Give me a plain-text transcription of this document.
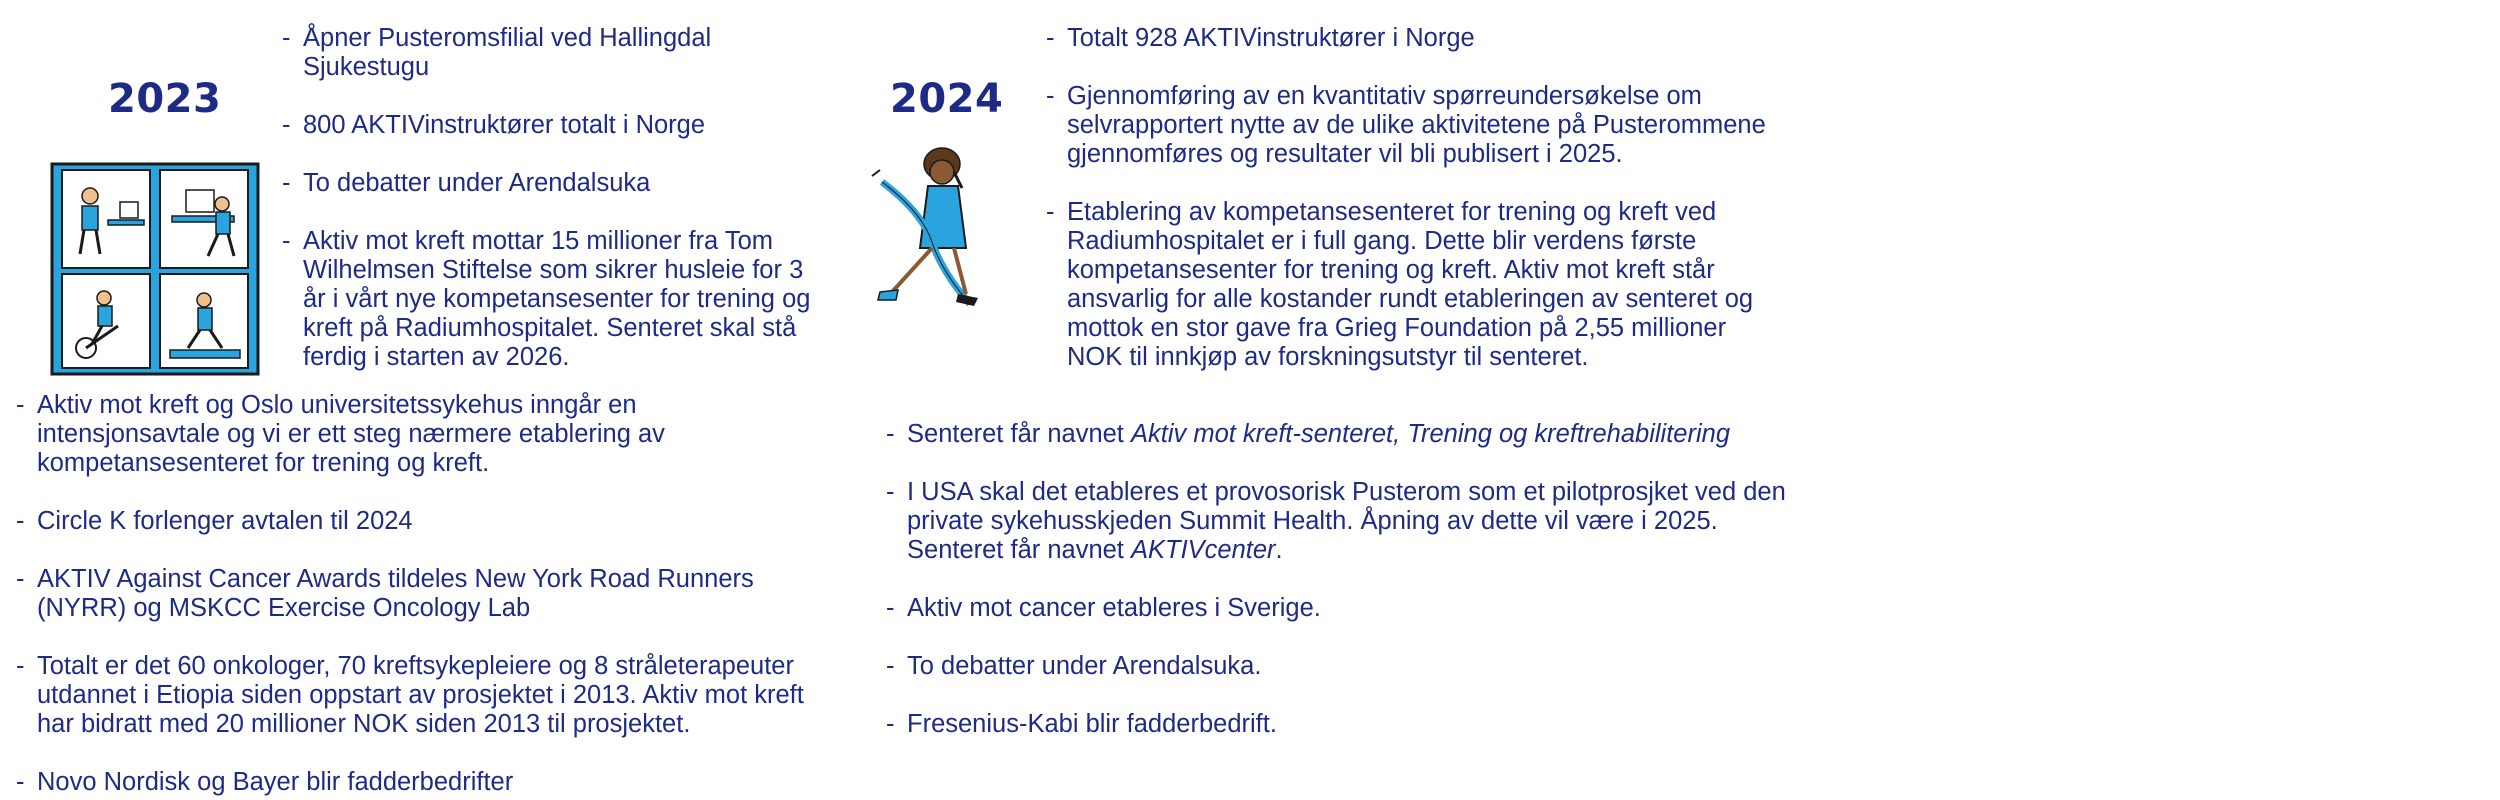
2023
- Åpner Pusteromsfilial ved Hallingdal Sjukestugu
- 800 AKTIVinstruktører totalt i Norge
- To debatter under Arendalsuka
- Aktiv mot kreft mottar 15 millioner fra Tom Wilhelmsen Stiftelse som sikrer husleie for 3 år i vårt nye kompetansesenter for trening og kreft på Radiumhospitalet. Senteret skal stå ferdig i starten av 2026.
- Aktiv mot kreft og Oslo universitetssykehus inngår en intensjonsavtale og vi er ett steg nærmere etablering av kompetansesenteret for trening og kreft.
- Circle K forlenger avtalen til 2024
- AKTIV Against Cancer Awards tildeles New York Road Runners (NYRR) og MSKCC Exercise Oncology Lab
- Totalt er det 60 onkologer, 70 kreftsykepleiere og 8 stråleterapeuter utdannet i Etiopia siden oppstart av prosjektet i 2013. Aktiv mot kreft har bidratt med 20 millioner NOK siden 2013 til prosjektet.
- Novo Nordisk og Bayer blir fadderbedrifter
2024
- Totalt 928 AKTIVinstruktører i Norge
- Gjennomføring av en kvantitativ spørreundersøkelse om selvrapportert nytte av de ulike aktivitetene på Pusterommene gjennomføres og resultater vil bli publisert i 2025.
- Etablering av kompetansesenteret for trening og kreft ved Radiumhospitalet er i full gang. Dette blir verdens første kompetansesenter for trening og kreft. Aktiv mot kreft står ansvarlig for alle kostander rundt etableringen av senteret og mottok en stor gave fra Grieg Foundation på 2,55 millioner NOK til innkjøp av forskningsutstyr til senteret.
- Senteret får navnet Aktiv mot kreft-senteret, Trening og kreftrehabilitering
- I USA skal det etableres et provosorisk Pusterom som et pilotprosjket ved den private sykehusskjeden Summit Health. Åpning av dette vil være i 2025. Senteret får navnet AKTIVcenter.
- Aktiv mot cancer etableres i Sverige.
- To debatter under Arendalsuka.
- Fresenius-Kabi blir fadderbedrift.
